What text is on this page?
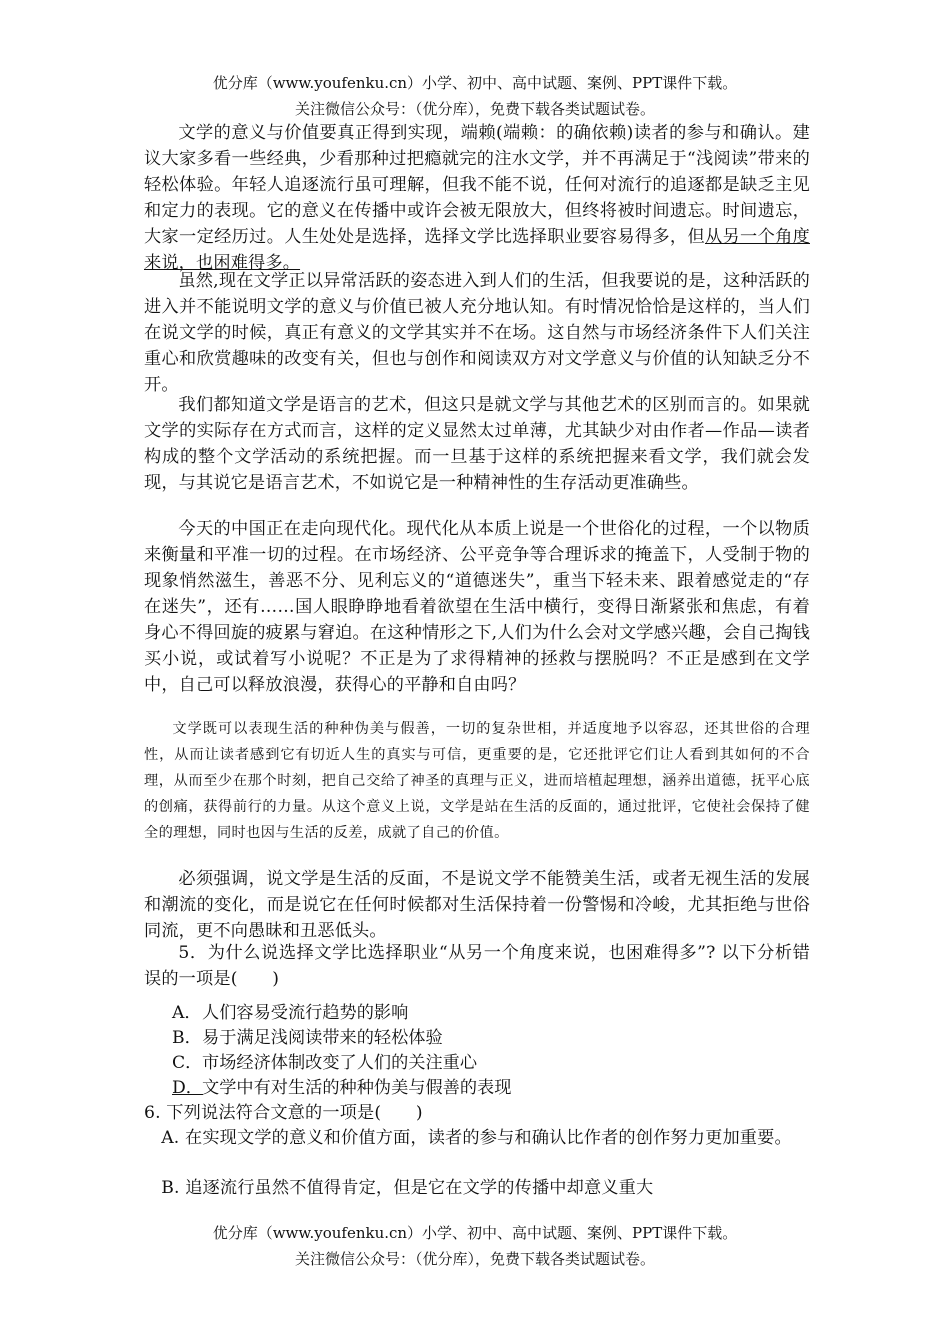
优分库（www.youfenku.cn）小学、初中、高中试题、案例、PPT课件下载。
关注微信公众号：（优分库），免费下载各类试题试卷。

文学的意义与价值要真正得到实现，端赖(端赖：的确依赖)读者的参与和确认。建议大家多看一些经典，少看那种过把瘾就完的注水文学，并不再满足于“浅阅读”带来的轻松体验。年轻人追逐流行虽可理解，但我不能不说，任何对流行的追逐都是缺乏主见和定力的表现。它的意义在传播中或许会被无限放大，但终将被时间遗忘。时间遗忘，大家一定经历过。人生处处是选择，选择文学比选择职业要容易得多，但从另一个角度来说，也困难得多。

虽然,现在文学正以异常活跃的姿态进入到人们的生活，但我要说的是，这种活跃的进入并不能说明文学的意义与价值已被人充分地认知。有时情况恰恰是这样的，当人们在说文学的时候，真正有意义的文学其实并不在场。这自然与市场经济条件下人们关注重心和欣赏趣味的改变有关，但也与创作和阅读双方对文学意义与价值的认知缺乏分不开。

我们都知道文学是语言的艺术，但这只是就文学与其他艺术的区别而言的。如果就文学的实际存在方式而言，这样的定义显然太过单薄，尤其缺少对由作者—作品—读者构成的整个文学活动的系统把握。而一旦基于这样的系统把握来看文学，我们就会发现，与其说它是语言艺术，不如说它是一种精神性的生存活动更准确些。

今天的中国正在走向现代化。现代化从本质上说是一个世俗化的过程，一个以物质来衡量和平准一切的过程。在市场经济、公平竞争等合理诉求的掩盖下，人受制于物的现象悄然滋生，善恶不分、见利忘义的“道德迷失”，重当下轻未来、跟着感觉走的“存在迷失”，还有……国人眼睁睁地看着欲望在生活中横行，变得日渐紧张和焦虑，有着身心不得回旋的疲累与窘迫。在这种情形之下,人们为什么会对文学感兴趣，会自己掏钱买小说，或试着写小说呢？不正是为了求得精神的拯救与摆脱吗？不正是感到在文学中，自己可以释放浪漫，获得心的平静和自由吗？

文学既可以表现生活的种种伪美与假善，一切的复杂世相，并适度地予以容忍，还其世俗的合理性，从而让读者感到它有切近人生的真实与可信，更重要的是，它还批评它们让人看到其如何的不合理，从而至少在那个时刻，把自己交给了神圣的真理与正义，进而培植起理想，涵养出道德，抚平心底的创痛，获得前行的力量。从这个意义上说，文学是站在生活的反面的，通过批评，它使社会保持了健全的理想，同时也因与生活的反差，成就了自己的价值。

必须强调，说文学是生活的反面，不是说文学不能赞美生活，或者无视生活的发展和潮流的变化，而是说它在任何时候都对生活保持着一份警惕和冷峻，尤其拒绝与世俗同流，更不向愚昧和丑恶低头。

5．为什么说选择文学比选择职业“从另一个角度来说，也困难得多”? 以下分析错误的一项是(　　)

A．人们容易受流行趋势的影响

B．易于满足浅阅读带来的轻松体验

C．市场经济体制改变了人们的关注重心

D．文学中有对生活的种种伪美与假善的表现

6. 下列说法符合文意的一项是(　　)

A. 在实现文学的意义和价值方面，读者的参与和确认比作者的创作努力更加重要。

B. 追逐流行虽然不值得肯定，但是它在文学的传播中却意义重大

优分库（www.youfenku.cn）小学、初中、高中试题、案例、PPT课件下载。
关注微信公众号：（优分库），免费下载各类试题试卷。
